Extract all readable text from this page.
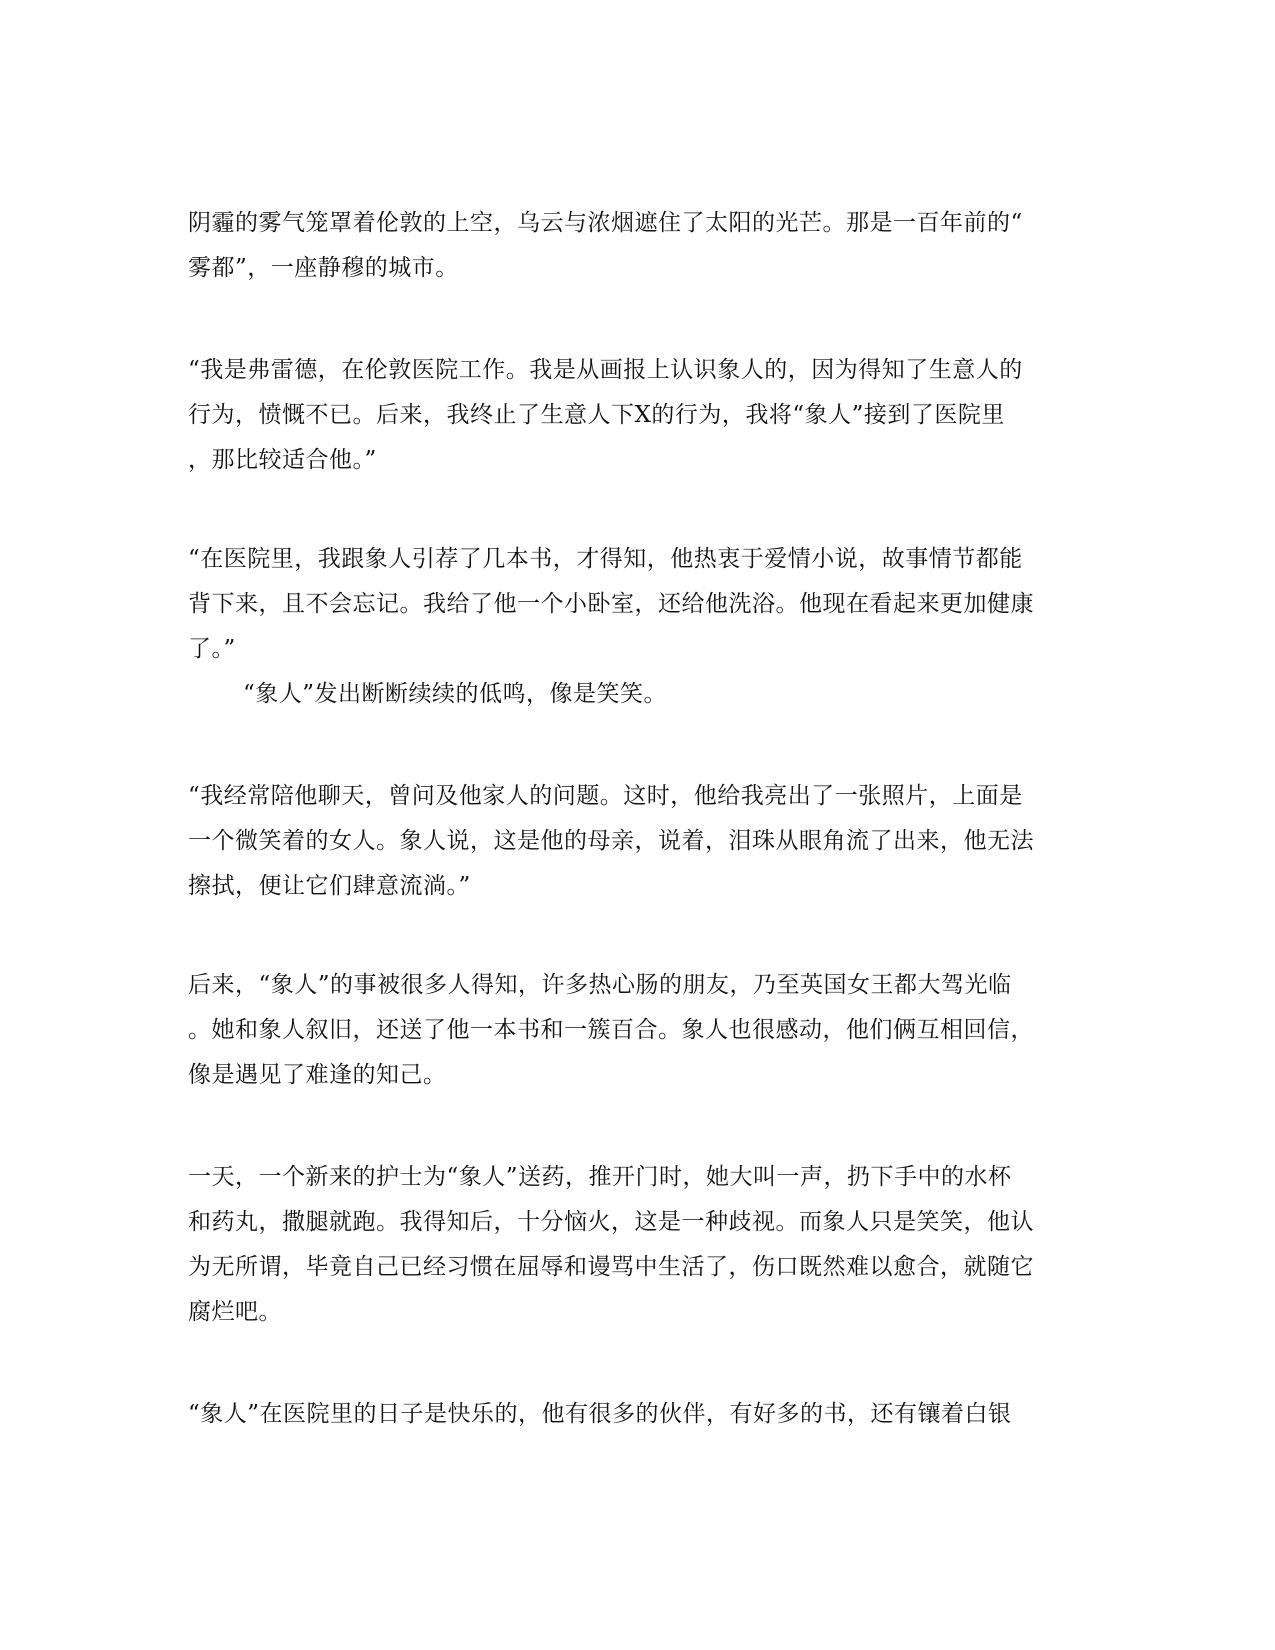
阴霾的雾气笼罩着伦敦的上空，乌云与浓烟遮住了太阳的光芒。那是一百年前的“
雾都”，一座静穆的城市。
“我是弗雷德，在伦敦医院工作。我是从画报上认识象人的，因为得知了生意人的
行为，愤慨不已。后来，我终止了生意人下X的行为，我将“象人”接到了医院里
，那比较适合他。”
“在医院里，我跟象人引荐了几本书，才得知，他热衷于爱情小说，故事情节都能
背下来，且不会忘记。我给了他一个小卧室，还给他洗浴。他现在看起来更加健康
了。”
“象人”发出断断续续的低鸣，像是笑笑。
“我经常陪他聊天，曾问及他家人的问题。这时，他给我亮出了一张照片，上面是
一个微笑着的女人。象人说，这是他的母亲，说着，泪珠从眼角流了出来，他无法
擦拭，便让它们肆意流淌。”
后来，“象人”的事被很多人得知，许多热心肠的朋友，乃至英国女王都大驾光临
。她和象人叙旧，还送了他一本书和一簇百合。象人也很感动，他们俩互相回信，
像是遇见了难逢的知己。
一天，一个新来的护士为“象人”送药，推开门时，她大叫一声，扔下手中的水杯
和药丸，撒腿就跑。我得知后，十分恼火，这是一种歧视。而象人只是笑笑，他认
为无所谓，毕竟自己已经习惯在屈辱和谩骂中生活了，伤口既然难以愈合，就随它
腐烂吧。
“象人”在医院里的日子是快乐的，他有很多的伙伴，有好多的书，还有镶着白银
